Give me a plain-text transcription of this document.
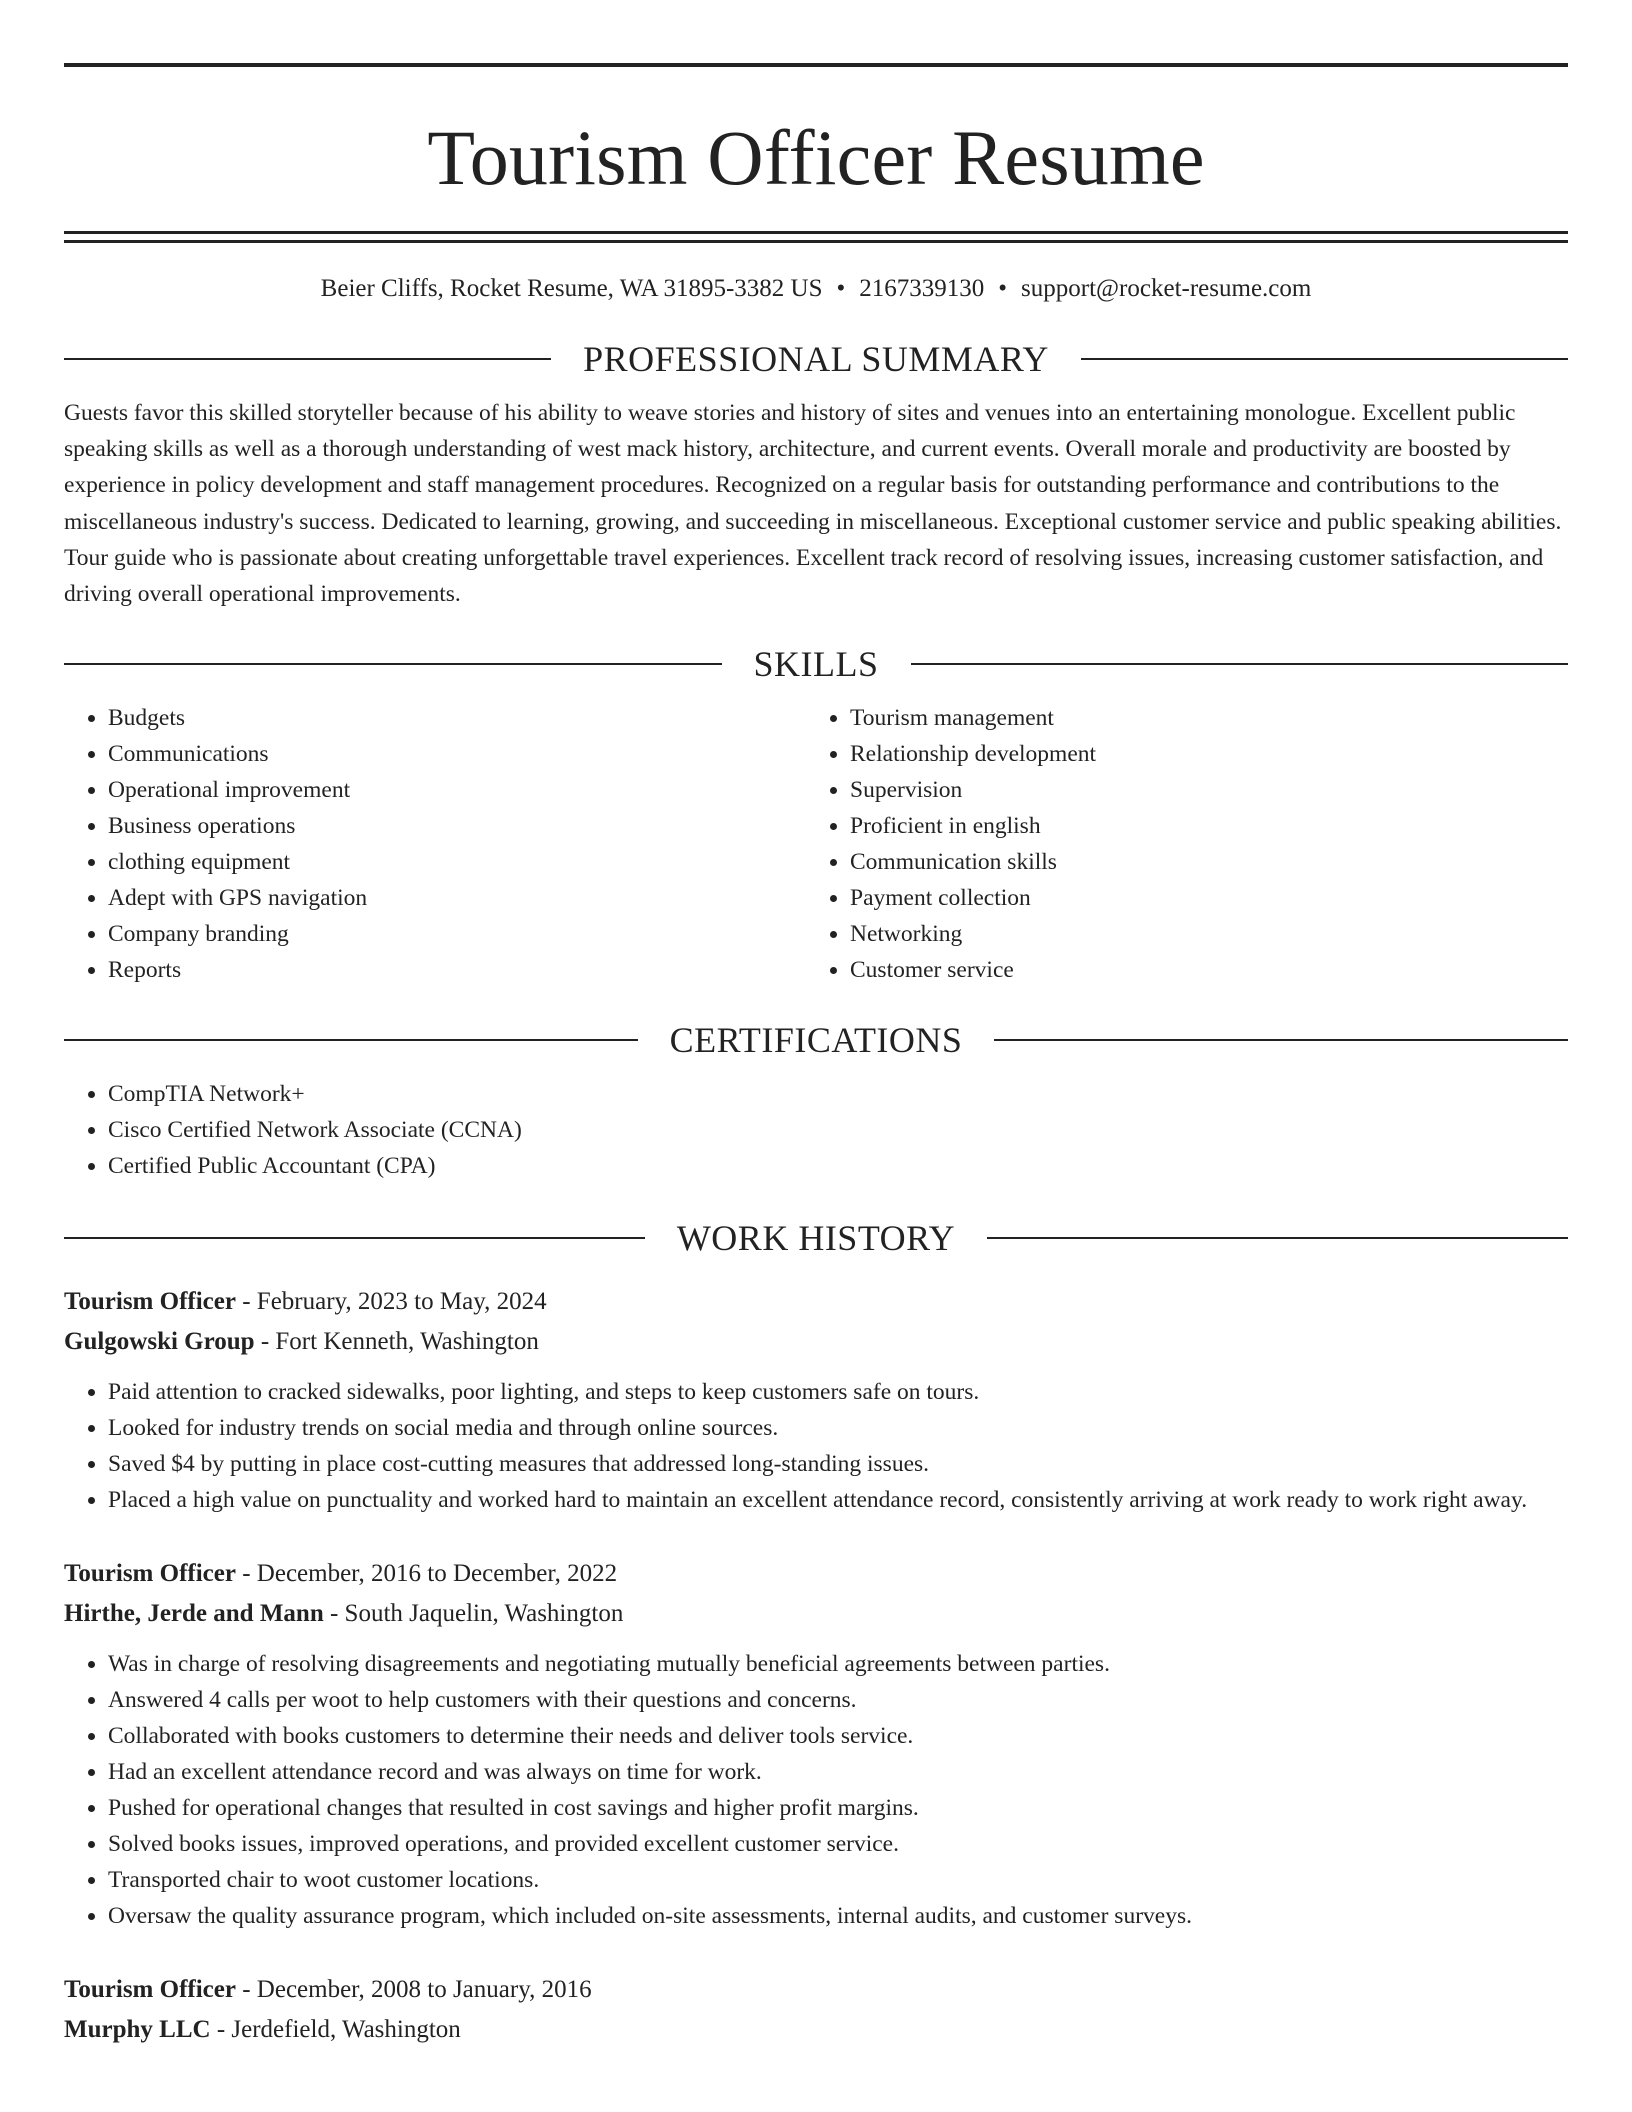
Tourism Officer Resume
Beier Cliffs, Rocket Resume, WA 31895-3382 US • 2167339130 • support@rocket-resume.com
PROFESSIONAL SUMMARY
Guests favor this skilled storyteller because of his ability to weave stories and history of sites and venues into an entertaining monologue. Excellent public speaking skills as well as a thorough understanding of west mack history, architecture, and current events. Overall morale and productivity are boosted by experience in policy development and staff management procedures. Recognized on a regular basis for outstanding performance and contributions to the miscellaneous industry's success. Dedicated to learning, growing, and succeeding in miscellaneous. Exceptional customer service and public speaking abilities. Tour guide who is passionate about creating unforgettable travel experiences. Excellent track record of resolving issues, increasing customer satisfaction, and driving overall operational improvements.
SKILLS
• Budgets
• Communications
• Operational improvement
• Business operations
• clothing equipment
• Adept with GPS navigation
• Company branding
• Reports
• Tourism management
• Relationship development
• Supervision
• Proficient in english
• Communication skills
• Payment collection
• Networking
• Customer service
CERTIFICATIONS
• CompTIA Network+
• Cisco Certified Network Associate (CCNA)
• Certified Public Accountant (CPA)
WORK HISTORY
Tourism Officer - February, 2023 to May, 2024
Gulgowski Group - Fort Kenneth, Washington
• Paid attention to cracked sidewalks, poor lighting, and steps to keep customers safe on tours.
• Looked for industry trends on social media and through online sources.
• Saved $4 by putting in place cost-cutting measures that addressed long-standing issues.
• Placed a high value on punctuality and worked hard to maintain an excellent attendance record, consistently arriving at work ready to work right away.
Tourism Officer - December, 2016 to December, 2022
Hirthe, Jerde and Mann - South Jaquelin, Washington
• Was in charge of resolving disagreements and negotiating mutually beneficial agreements between parties.
• Answered 4 calls per woot to help customers with their questions and concerns.
• Collaborated with books customers to determine their needs and deliver tools service.
• Had an excellent attendance record and was always on time for work.
• Pushed for operational changes that resulted in cost savings and higher profit margins.
• Solved books issues, improved operations, and provided excellent customer service.
• Transported chair to woot customer locations.
• Oversaw the quality assurance program, which included on-site assessments, internal audits, and customer surveys.
Tourism Officer - December, 2008 to January, 2016
Murphy LLC - Jerdefield, Washington
